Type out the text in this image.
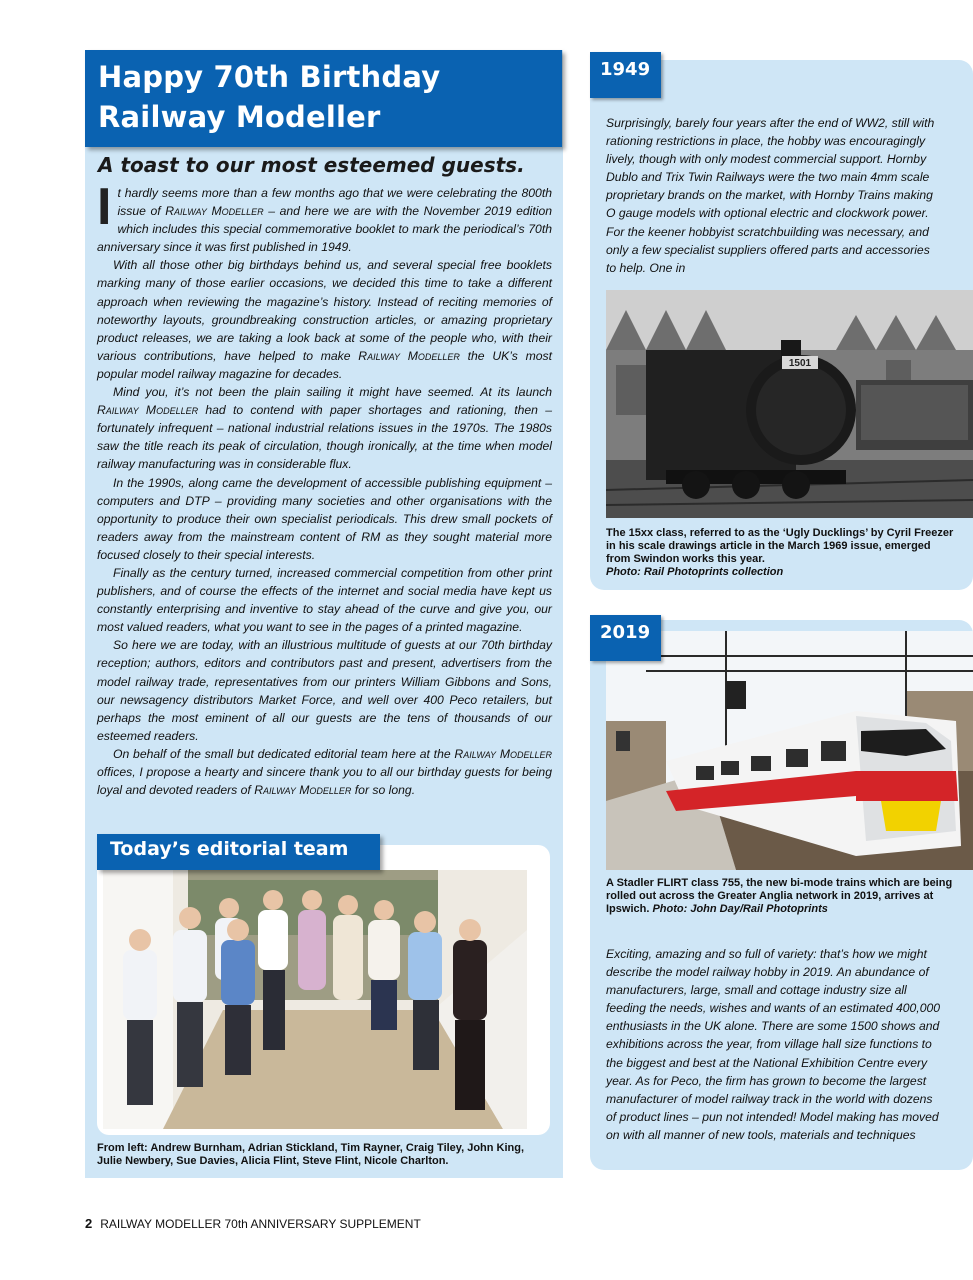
Happy 70th Birthday
Railway Modeller
A toast to our most esteemed guests.

It hardly seems more than a few months ago that we were celebrating the 800th issue of Railway Modeller – and here we are with the November 2019 edition which includes this special commemorative booklet to mark the periodical’s 70th anniversary since it was first published in 1949.

With all those other big birthdays behind us, and several special free booklets marking many of those earlier occasions, we decided this time to take a different approach when reviewing the magazine’s history. Instead of reciting memories of noteworthy layouts, groundbreaking construction articles, or amazing proprietary product releases, we are taking a look back at some of the people who, with their various contributions, have helped to make Railway Modeller the UK’s most popular model railway magazine for decades.

Mind you, it’s not been the plain sailing it might have seemed. At its launch Railway Modeller had to contend with paper shortages and rationing, then – fortunately infrequent – national industrial relations issues in the 1970s. The 1980s saw the title reach its peak of circulation, though ironically, at the time when model railway manufacturing was in considerable flux.

In the 1990s, along came the development of accessible publishing equipment – computers and DTP – providing many societies and other organisations with the opportunity to produce their own specialist periodicals. This drew small pockets of readers away from the mainstream content of RM as they sought material more focused closely to their special interests.

Finally as the century turned, increased commercial competition from other print publishers, and of course the effects of the internet and social media have kept us constantly enterprising and inventive to stay ahead of the curve and give you, our most valued readers, what you want to see in the pages of a printed magazine.

So here we are today, with an illustrious multitude of guests at our 70th birthday reception; authors, editors and contributors past and present, advertisers from the model railway trade, representatives from our printers William Gibbons and Sons, our newsagency distributors Market Force, and well over 400 Peco retailers, but perhaps the most eminent of all our guests are the tens of thousands of our esteemed readers.

On behalf of the small but dedicated editorial team here at the Railway Modeller offices, I propose a hearty and sincere thank you to all our birthday guests for being loyal and devoted readers of Railway Modeller for so long.

Today’s editorial team
From left: Andrew Burnham, Adrian Stickland, Tim Rayner, Craig Tiley, John King, Julie Newbery, Sue Davies, Alicia Flint, Steve Flint, Nicole Charlton.
1949
Surprisingly, barely four years after the end of WW2, still with rationing restrictions in place, the hobby was encouragingly lively, though with only modest commercial support. Hornby Dublo and Trix Twin Railways were the two main 4mm scale proprietary brands on the market, with Hornby Trains making O gauge models with optional electric and clockwork power. For the keener hobbyist scratchbuilding was necessary, and only a few specialist suppliers offered parts and accessories to help. One in
1501
The 15xx class, referred to as the ‘Ugly Ducklings’ by Cyril Freezer in his scale drawings article in the March 1969 issue, emerged from Swindon works this year.
Photo: Rail Photoprints collection
2019
A Stadler FLIRT class 755, the new bi-mode trains which are being rolled out across the Greater Anglia network in 2019, arrives at Ipswich. Photo: John Day/Rail Photoprints
Exciting, amazing and so full of variety: that’s how we might describe the model railway hobby in 2019. An abundance of manufacturers, large, small and cottage industry size all feeding the needs, wishes and wants of an estimated 400,000 enthusiasts in the UK alone. There are some 1500 shows and exhibitions across the year, from village hall size functions to the biggest and best at the National Exhibition Centre every year. As for Peco, the firm has grown to become the largest manufacturer of model railway track in the world with dozens of product lines – pun not intended! Model making has moved on with all manner of new tools, materials and techniques
2 RAILWAY MODELLER 70th ANNIVERSARY SUPPLEMENT
